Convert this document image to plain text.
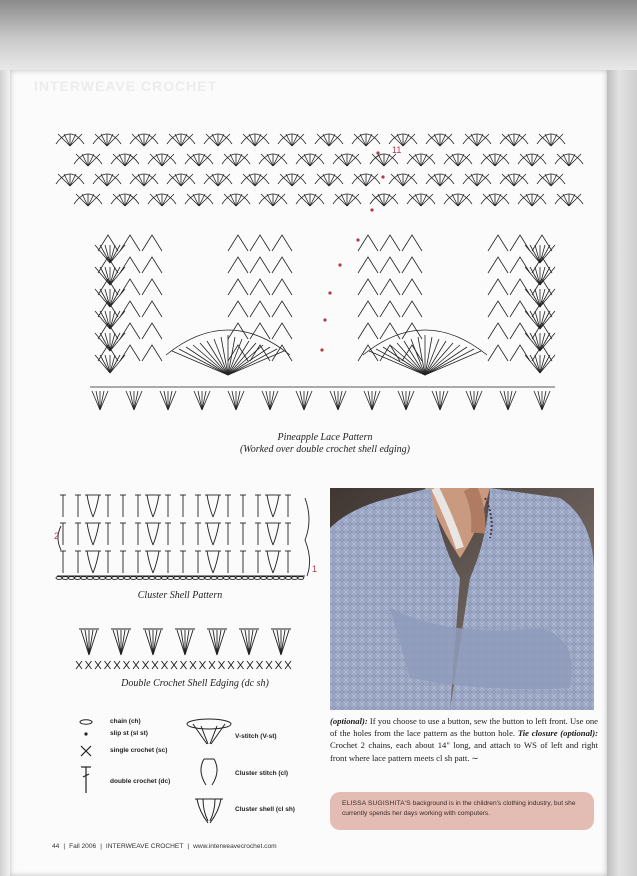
INTERWEAVE CROCHET
11
Pineapple Lace Pattern
(Worked over double crochet shell edging)
2
1
Cluster Shell Pattern
Double Crochet Shell Edging (dc sh)
chain (ch)
slip st (sl st)
single crochet (sc)
double crochet (dc)
V-stitch (V-st)
Cluster stitch (cl)
Cluster shell (cl sh)
(optional): If you choose to use a button, sew the button to left front. Use one of the holes from the lace pattern as the button hole. Tie closure (optional): Crochet 2 chains, each about 14" long, and attach to WS of left and right front where lace pattern meets cl sh patt. ∼
ELISSA SUGISHITA'S background is in the children's clothing industry, but she currently spends her days working with computers.
44 | Fall 2006 | INTERWEAVE CROCHET | www.interweavecrochet.com
